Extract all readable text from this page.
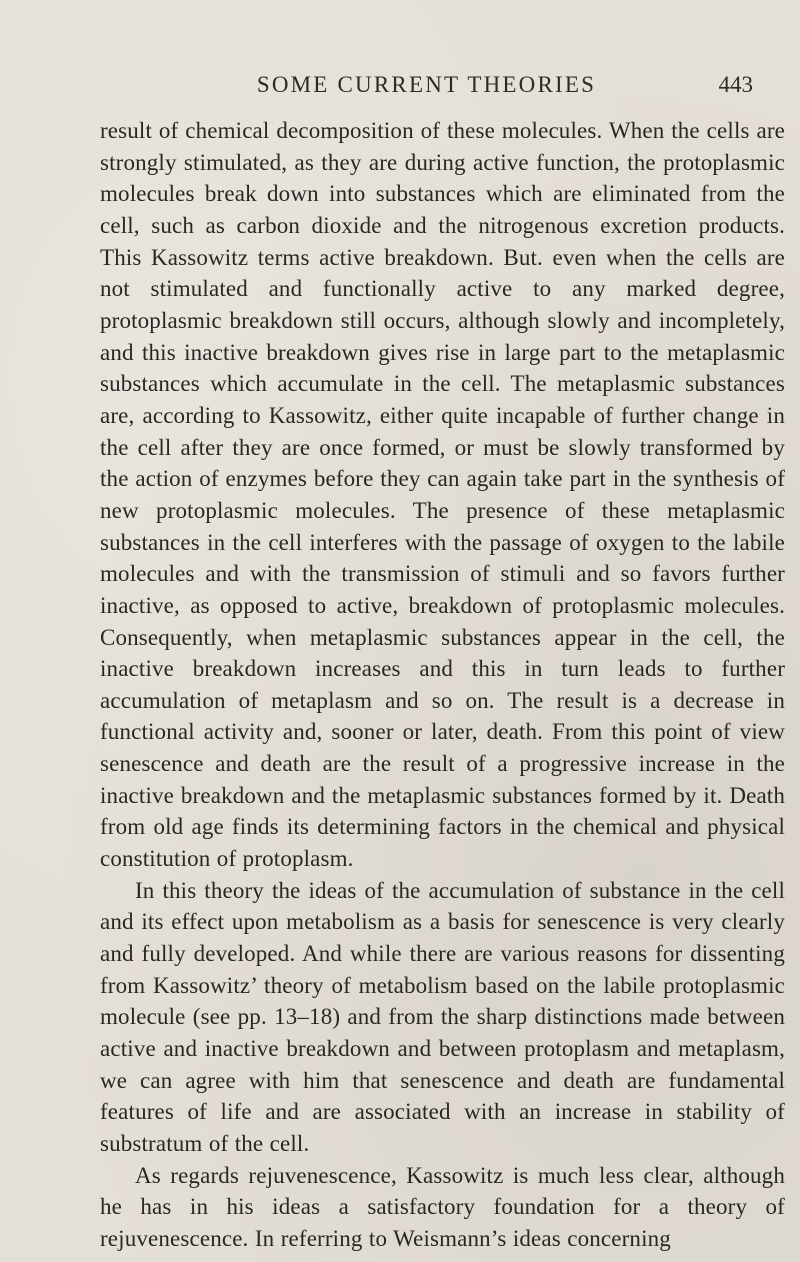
SOME CURRENT THEORIES	443

result of chemical decomposition of these molecules. When the cells are strongly stimulated, as they are during active function, the protoplasmic molecules break down into substances which are eliminated from the cell, such as carbon dioxide and the nitrogenous excretion products. This Kassowitz terms active breakdown. But. even when the cells are not stimulated and functionally active to any marked degree, protoplasmic breakdown still occurs, although slowly and incompletely, and this inactive breakdown gives rise in large part to the metaplasmic substances which accumulate in the cell. The metaplasmic substances are, according to Kassowitz, either quite incapable of further change in the cell after they are once formed, or must be slowly transformed by the action of enzymes before they can again take part in the synthesis of new protoplasmic molecules. The presence of these metaplasmic substances in the cell interferes with the passage of oxygen to the labile molecules and with the transmission of stimuli and so favors further inactive, as opposed to active, breakdown of protoplasmic molecules. Consequently, when metaplasmic substances appear in the cell, the inactive breakdown increases and this in turn leads to further accumulation of metaplasm and so on. The result is a decrease in functional activity and, sooner or later, death. From this point of view senescence and death are the result of a progressive increase in the inactive breakdown and the metaplasmic substances formed by it. Death from old age finds its determining factors in the chemical and physical constitution of protoplasm.

In this theory the ideas of the accumulation of substance in the cell and its effect upon metabolism as a basis for senescence is very clearly and fully developed. And while there are various reasons for dissenting from Kassowitz’ theory of metabolism based on the labile protoplasmic molecule (see pp. 13–18) and from the sharp distinctions made between active and inactive breakdown and between protoplasm and metaplasm, we can agree with him that senescence and death are fundamental features of life and are associated with an increase in stability of substratum of the cell.

As regards rejuvenescence, Kassowitz is much less clear, although he has in his ideas a satisfactory foundation for a theory of rejuvenescence. In referring to Weismann’s ideas concerning
